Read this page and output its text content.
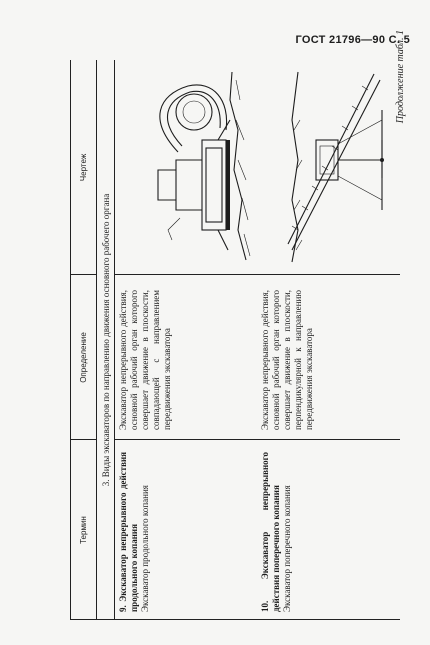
ГОСТ 21796—90 С. 5
Продолжение табл. 1
Термин
Определение
Чертеж
3. Виды экскаваторов по направлению движения основного рабочего органа
9. Экскаватор непрерывного действия продольного копания
Экскаватор продольного копания
Экскаватор непрерывного действия, основной рабочий орган которого совершает движение в плоскости, совпадающей с направлением передвижения экскаватора
10. Экскаватор непрерывного действия поперечного копания
Экскаватор поперечного копания
Экскаватор непрерывного действия, основной рабочий орган которого совершает движение в плоскости, перпендикулярной к направлению передвижения экскаватора
